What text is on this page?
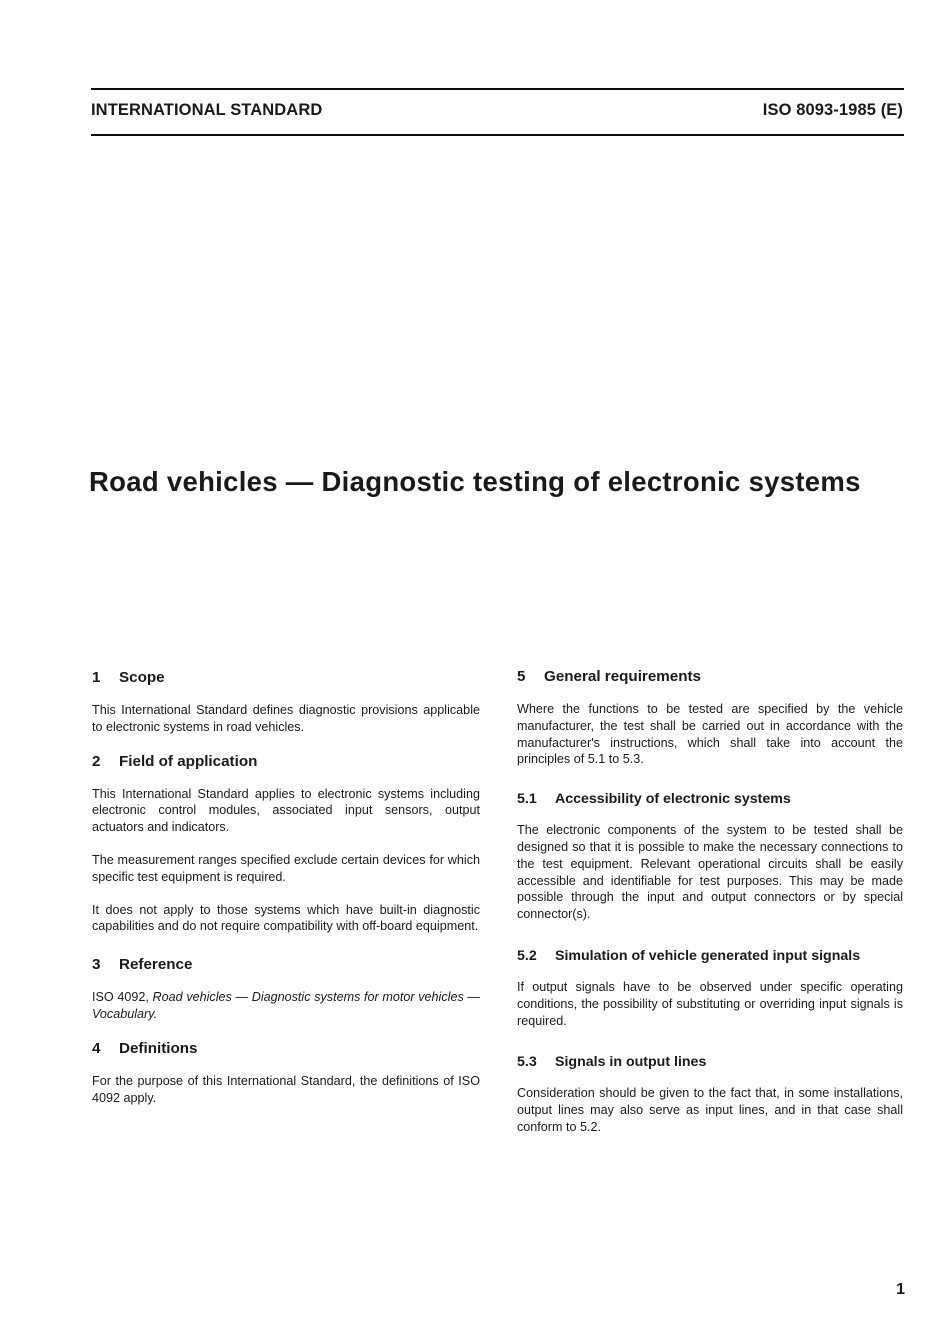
INTERNATIONAL STANDARD	ISO 8093-1985 (E)
Road vehicles — Diagnostic testing of electronic systems
1 Scope

This International Standard defines diagnostic provisions applicable to electronic systems in road vehicles.

2 Field of application

This International Standard applies to electronic systems including electronic control modules, associated input sensors, output actuators and indicators.

The measurement ranges specified exclude certain devices for which specific test equipment is required.

It does not apply to those systems which have built-in diagnostic capabilities and do not require compatibility with off-board equipment.

3 Reference

ISO 4092, Road vehicles — Diagnostic systems for motor vehicles — Vocabulary.

4 Definitions

For the purpose of this International Standard, the definitions of ISO 4092 apply.

5 General requirements

Where the functions to be tested are specified by the vehicle manufacturer, the test shall be carried out in accordance with the manufacturer's instructions, which shall take into account the principles of 5.1 to 5.3.

5.1 Accessibility of electronic systems

The electronic components of the system to be tested shall be designed so that it is possible to make the necessary connections to the test equipment. Relevant operational circuits shall be easily accessible and identifiable for test purposes. This may be made possible through the input and output connectors or by special connector(s).

5.2 Simulation of vehicle generated input signals

If output signals have to be observed under specific operating conditions, the possibility of substituting or overriding input signals is required.

5.3 Signals in output lines

Consideration should be given to the fact that, in some installations, output lines may also serve as input lines, and in that case shall conform to 5.2.

1
